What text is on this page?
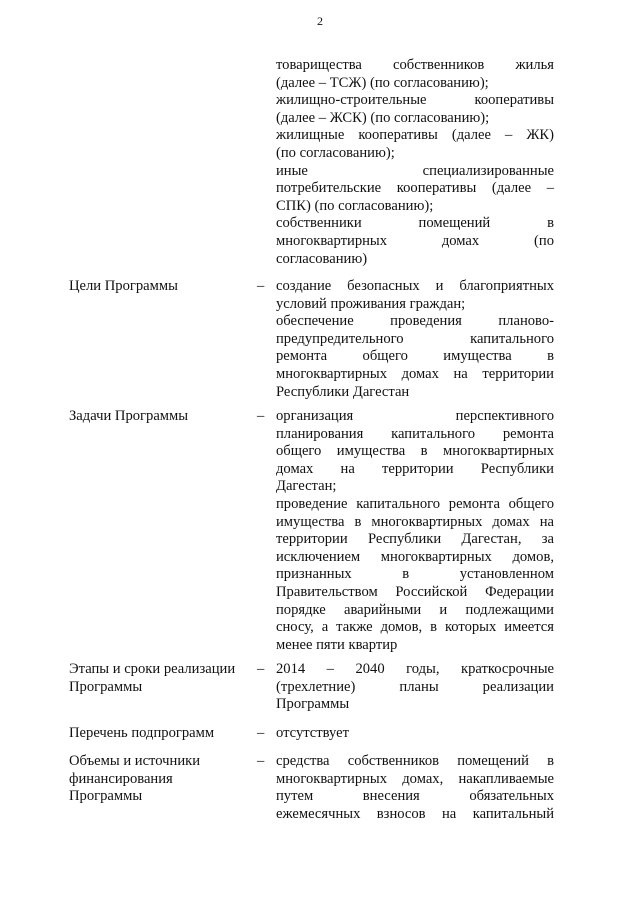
2
товарищества собственников жилья
(далее – ТСЖ) (по согласованию);
жилищно-строительные кооперативы
(далее – ЖСК) (по согласованию);
жилищные кооперативы (далее – ЖК)
(по согласованию);
иные специализированные
потребительские кооперативы (далее –
СПК) (по согласованию);
собственники помещений в
многоквартирных домах (по
согласованию)
Цели Программы	– создание безопасных и благоприятных
условий проживания граждан;
обеспечение проведения планово-
предупредительного капитального
ремонта общего имущества в
многоквартирных домах на территории
Республики Дагестан
Задачи Программы	– организация перспективного
планирования капитального ремонта
общего имущества в многоквартирных
домах на территории Республики
Дагестан;
проведение капитального ремонта общего
имущества в многоквартирных домах на
территории Республики Дагестан, за
исключением многоквартирных домов,
признанных в установленном
Правительством Российской Федерации
порядке аварийными и подлежащими
сносу, а также домов, в которых имеется
менее пяти квартир
Этапы и сроки реализации
Программы
– 2014 – 2040 годы, краткосрочные
(трехлетние) планы реализации
Программы
Перечень подпрограмм	– отсутствует
Объемы и источники
финансирования
Программы
– средства собственников помещений в
многоквартирных домах, накапливаемые
путем внесения обязательных
ежемесячных взносов на капитальный
